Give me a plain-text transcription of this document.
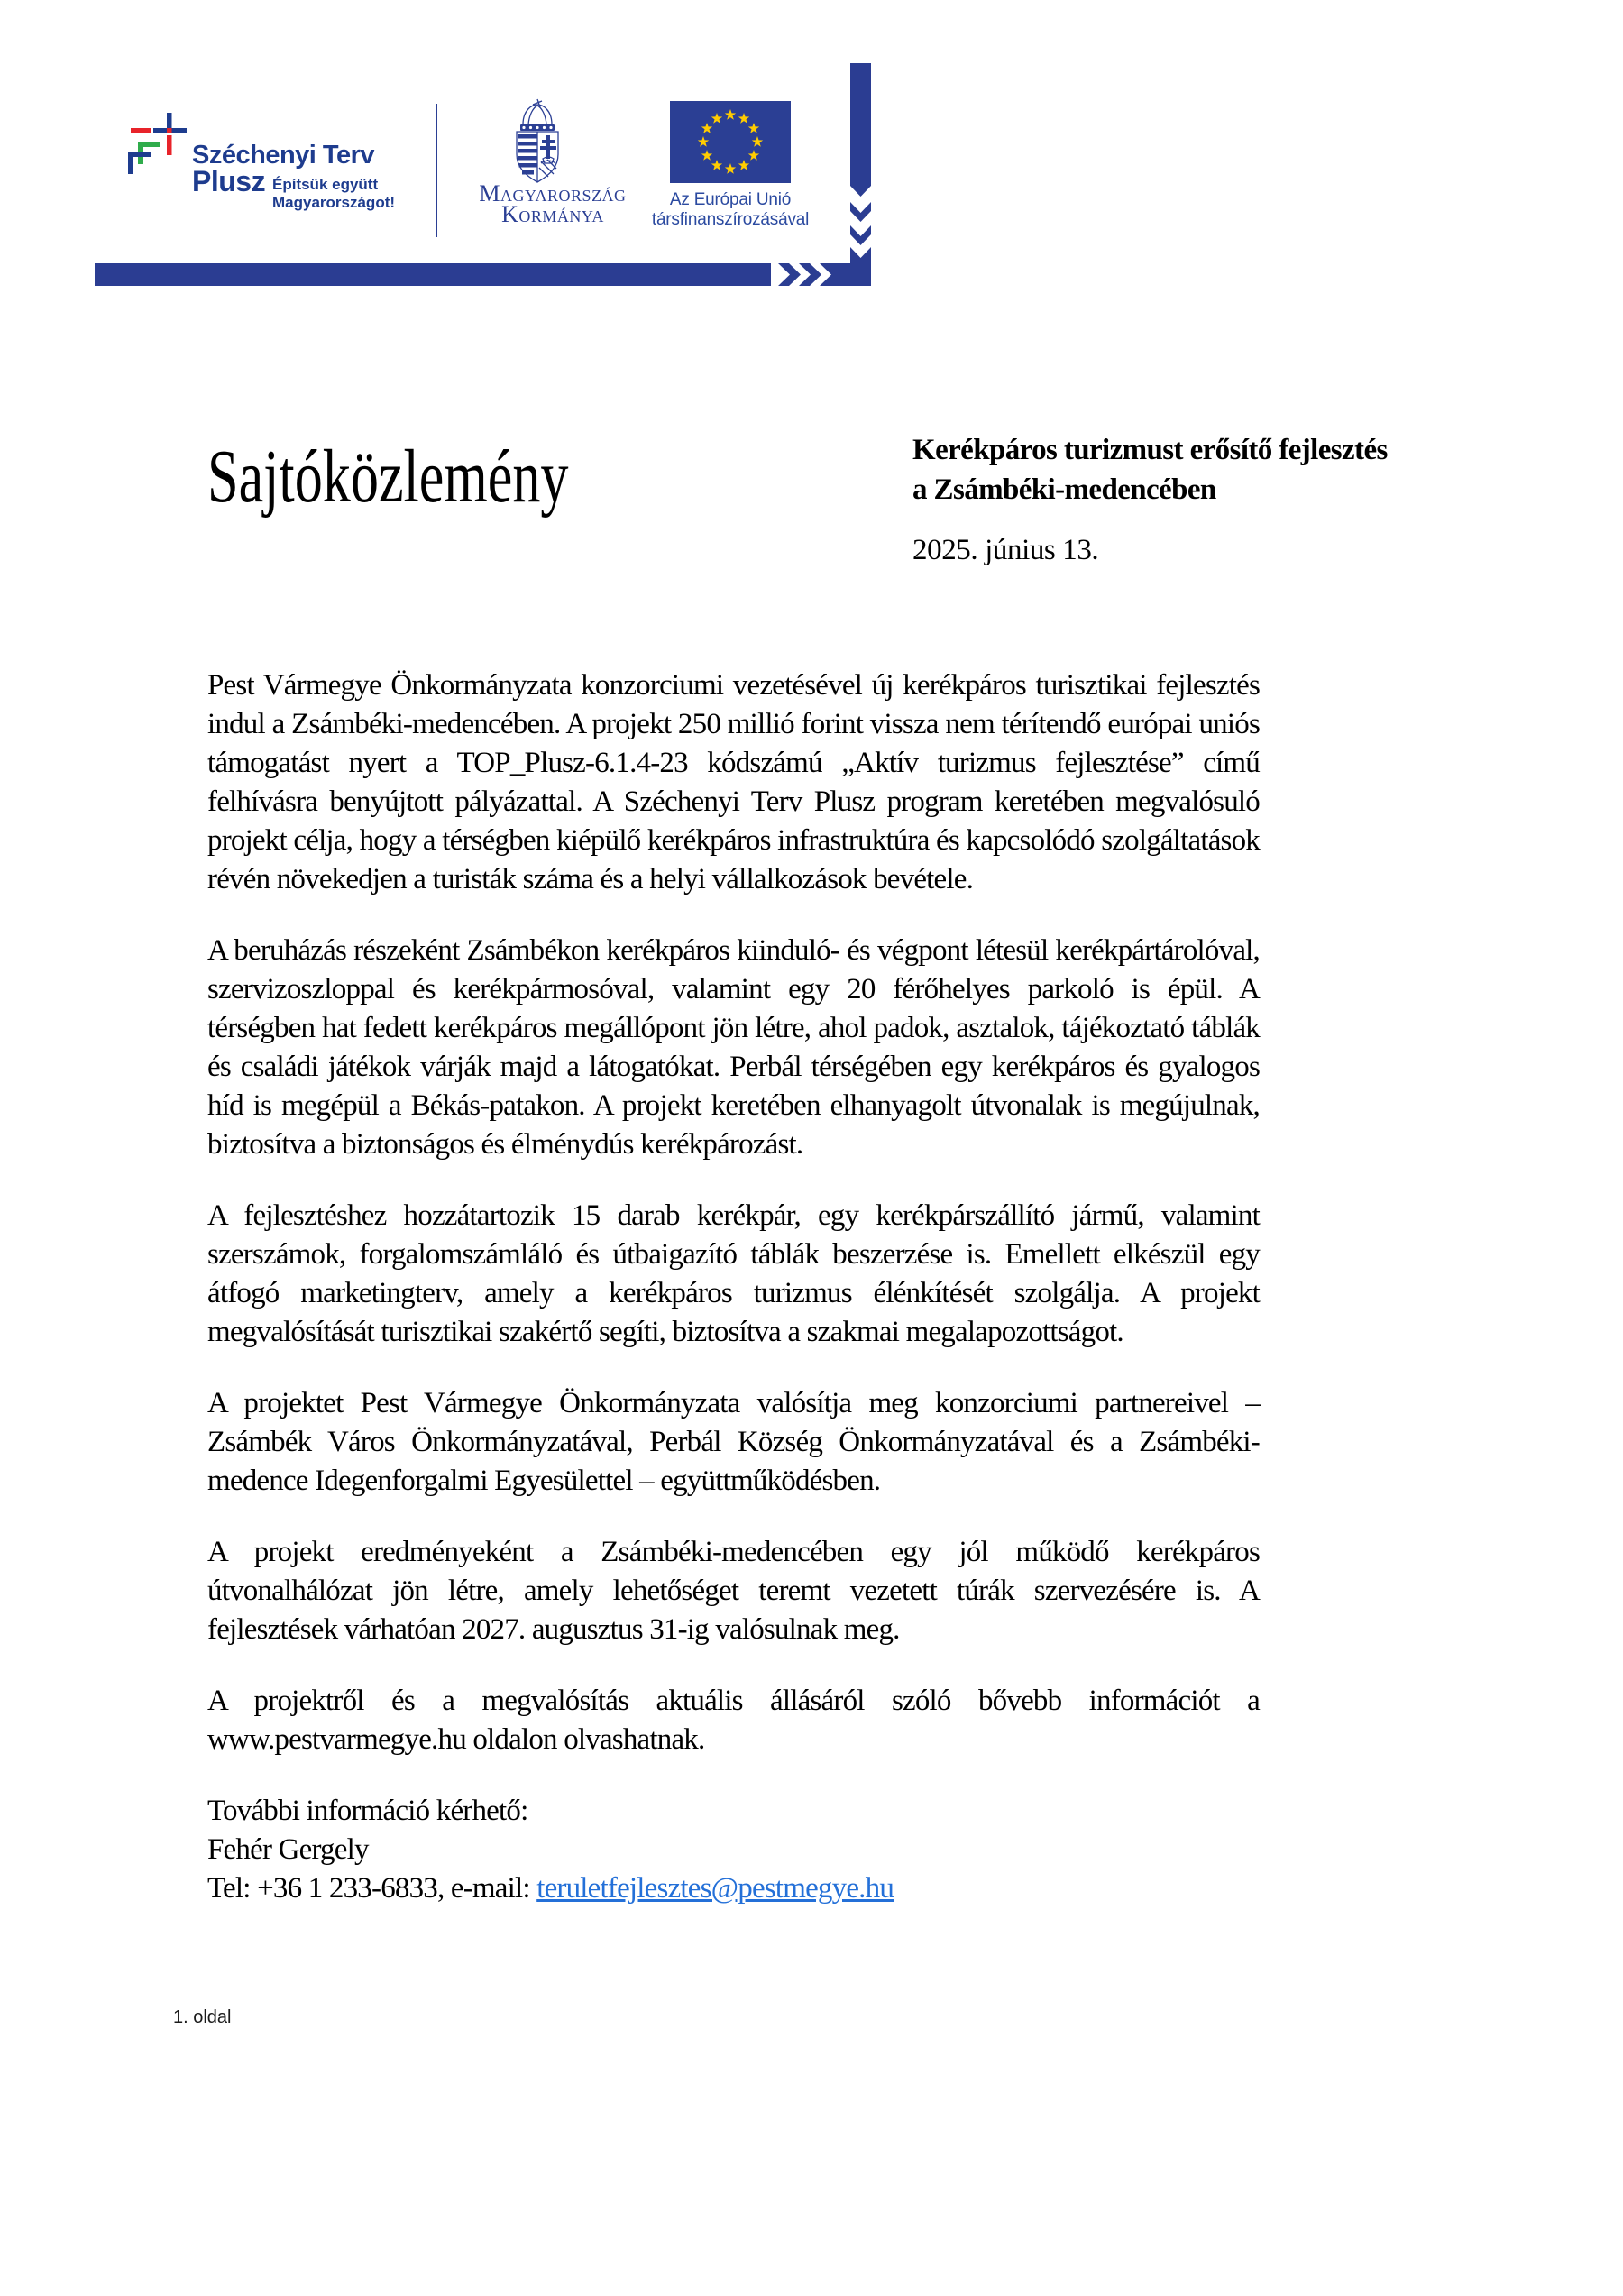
Széchenyi Terv
Plusz Építsük együtt
Magyarországot!	Magyarország
Kormánya
Az Európai Unió
társfinanszírozásával
Sajtóközlemény	Kerékpáros turizmust erősítő fejlesztés
a Zsámbéki-medencében
2025. június 13.

Pest Vármegye Önkormányzata konzorciumi vezetésével új kerékpáros turisztikai fejlesztés indul a Zsámbéki-medencében. A projekt 250 millió forint vissza nem térítendő európai uniós támogatást nyert a TOP_Plusz-6.1.4-23 kódszámú „Aktív turizmus fejlesztése” című felhívásra benyújtott pályázattal. A Széchenyi Terv Plusz program keretében megvalósuló projekt célja, hogy a térségben kiépülő kerékpáros infrastruktúra és kapcsolódó szolgáltatások révén növekedjen a turisták száma és a helyi vállalkozások bevétele.

A beruházás részeként Zsámbékon kerékpáros kiinduló- és végpont létesül kerékpártárolóval, szervizoszloppal és kerékpármosóval, valamint egy 20 férőhelyes parkoló is épül. A térségben hat fedett kerékpáros megállópont jön létre, ahol padok, asztalok, tájékoztató táblák és családi játékok várják majd a látogatókat. Perbál térségében egy kerékpáros és gyalogos híd is megépül a Békás-patakon. A projekt keretében elhanyagolt útvonalak is megújulnak, biztosítva a biztonságos és élménydús kerékpározást.

A fejlesztéshez hozzátartozik 15 darab kerékpár, egy kerékpárszállító jármű, valamint szerszámok, forgalomszámláló és útbaigazító táblák beszerzése is. Emellett elkészül egy átfogó marketingterv, amely a kerékpáros turizmus élénkítését szolgálja. A projekt megvalósítását turisztikai szakértő segíti, biztosítva a szakmai megalapozottságot.

A projektet Pest Vármegye Önkormányzata valósítja meg konzorciumi partnereivel – Zsámbék Város Önkormányzatával, Perbál Község Önkormányzatával és a Zsámbéki-medence Idegenforgalmi Egyesülettel – együttműködésben.

A projekt eredményeként a Zsámbéki-medencében egy jól működő kerékpáros útvonalhálózat jön létre, amely lehetőséget teremt vezetett túrák szervezésére is. A fejlesztések várhatóan 2027. augusztus 31-ig valósulnak meg.

A projektről és a megvalósítás aktuális állásáról szóló bővebb információt a www.pestvarmegye.hu oldalon olvashatnak.

További információ kérhető:
Fehér Gergely
Tel: +36 1 233-6833, e-mail: teruletfejlesztes@pestmegye.hu
1. oldal
